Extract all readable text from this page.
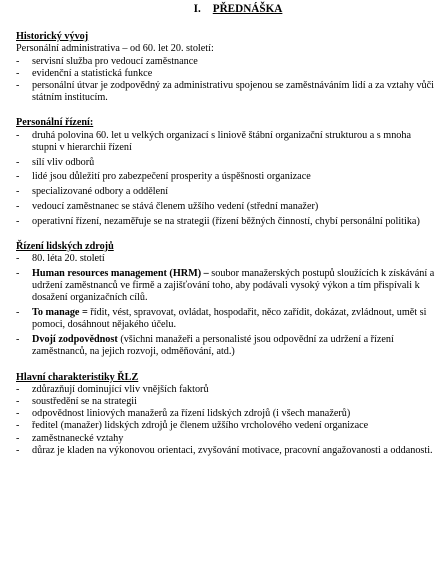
I. PŘEDNÁŠKA
Historický vývoj
Personální administrativa – od 60. let 20. století:
- servisní služba pro vedoucí zaměstnance
- evidenční a statistická funkce
- personální útvar je zodpovědný za administrativu spojenou se zaměstnáváním lidí a za vztahy vůči státním institucím.
Personální řízení:
- druhá polovina 60. let u velkých organizací s liniově štábní organizační strukturou a s mnoha stupni v hierarchii řízení
- sílí vliv odborů
- lidé jsou důležití pro zabezpečení prosperity a úspěšnosti organizace
- specializované odbory a oddělení
- vedoucí zaměstnanec se stává členem užšího vedení (střední manažer)
- operativní řízení, nezaměřuje se na strategii (řízení běžných činností, chybí personální politika)
Řízení lidských zdrojů
- 80. léta 20. století
- Human resources management (HRM) – soubor manažerských postupů sloužících k získávání a udržení zaměstnanců ve firmě a zajišťování toho, aby podávali vysoký výkon a tím přispívali k dosažení organizačních cílů.
- To manage = řídit, vést, spravovat, ovládat, hospodařit, něco zařídit, dokázat, zvládnout, umět si pomoci, dosáhnout nějakého účelu.
- Dvojí zodpovědnost (všichni manažeři a personalisté jsou odpovědní za udržení a řízení zaměstnanců, na jejich rozvoji, odměňování, atd.)
Hlavní charakteristiky ŘLZ
- zdůrazňují dominující vliv vnějších faktorů
- soustředění se na strategii
- odpovědnost liniových manažerů za řízení lidských zdrojů (i všech manažerů)
- ředitel (manažer) lidských zdrojů je členem užšího vrcholového vedení organizace
- zaměstnanecké vztahy
- důraz je kladen na výkonovou orientaci, zvyšování motivace, pracovní angažovanosti a oddanosti.
